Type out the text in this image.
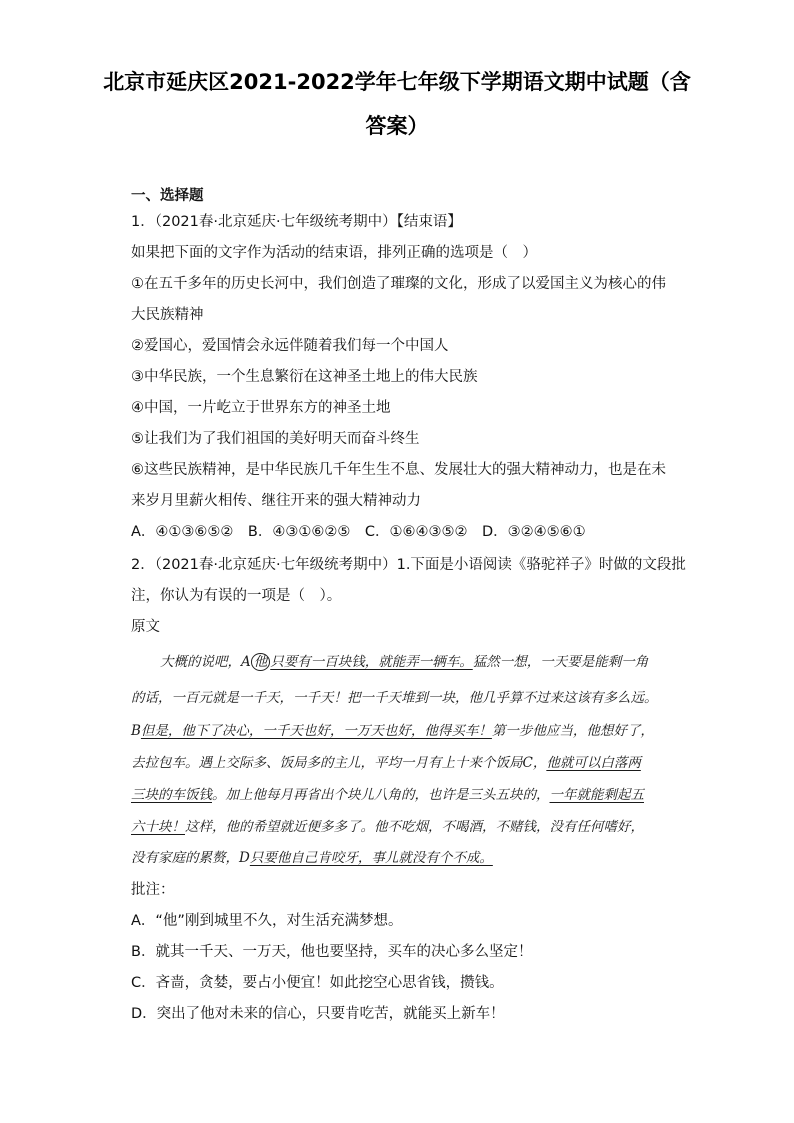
北京市延庆区2021-2022学年七年级下学期语文期中试题（含
答案）
一、选择题
1．（2021春·北京延庆·七年级统考期中）【结束语】
如果把下面的文字作为活动的结束语，排列正确的选项是（　）
①在五千多年的历史长河中，我们创造了璀璨的文化，形成了以爱国主义为核心的伟
大民族精神
②爱国心，爱国情会永远伴随着我们每一个中国人
③中华民族，一个生息繁衍在这神圣土地上的伟大民族
④中国，一片屹立于世界东方的神圣土地
⑤让我们为了我们祖国的美好明天而奋斗终生
⑥这些民族精神，是中华民族几千年生生不息、发展壮大的强大精神动力，也是在未
来岁月里薪火相传、继往开来的强大精神动力
A．④①③⑥⑤②　B．④③①⑥②⑤　C．①⑥④③⑤②　D．③②④⑤⑥①
2．（2021春·北京延庆·七年级统考期中）1.下面是小语阅读《骆驼祥子》时做的文段批
注，你认为有误的一项是（　）。
原文
大概的说吧，A 他 只要有一百块钱，就能弄一辆车。猛然一想，一天要是能剩一角
的话，一百元就是一千天，一千天！把一千天堆到一块，他几乎算不过来这该有多么远。
B但是，他下了决心，一千天也好，一万天也好，他得买车！第一步他应当，他想好了，
去拉包车。遇上交际多、饭局多的主儿，平均一月有上十来个饭局C，他就可以白落两
三块的车饭钱。加上他每月再省出个块儿八角的，也许是三头五块的，一年就能剩起五
六十块！这样，他的希望就近便多多了。他不吃烟，不喝酒，不赌钱，没有任何嗜好，
没有家庭的累赘，D只要他自己肯咬牙，事儿就没有个不成。
批注：
A．“他”刚到城里不久，对生活充满梦想。
B．就其一千天、一万天，他也要坚持，买车的决心多么坚定！
C．吝啬，贪婪，要占小便宜！如此挖空心思省钱，攒钱。
D．突出了他对未来的信心，只要肯吃苦，就能买上新车！
